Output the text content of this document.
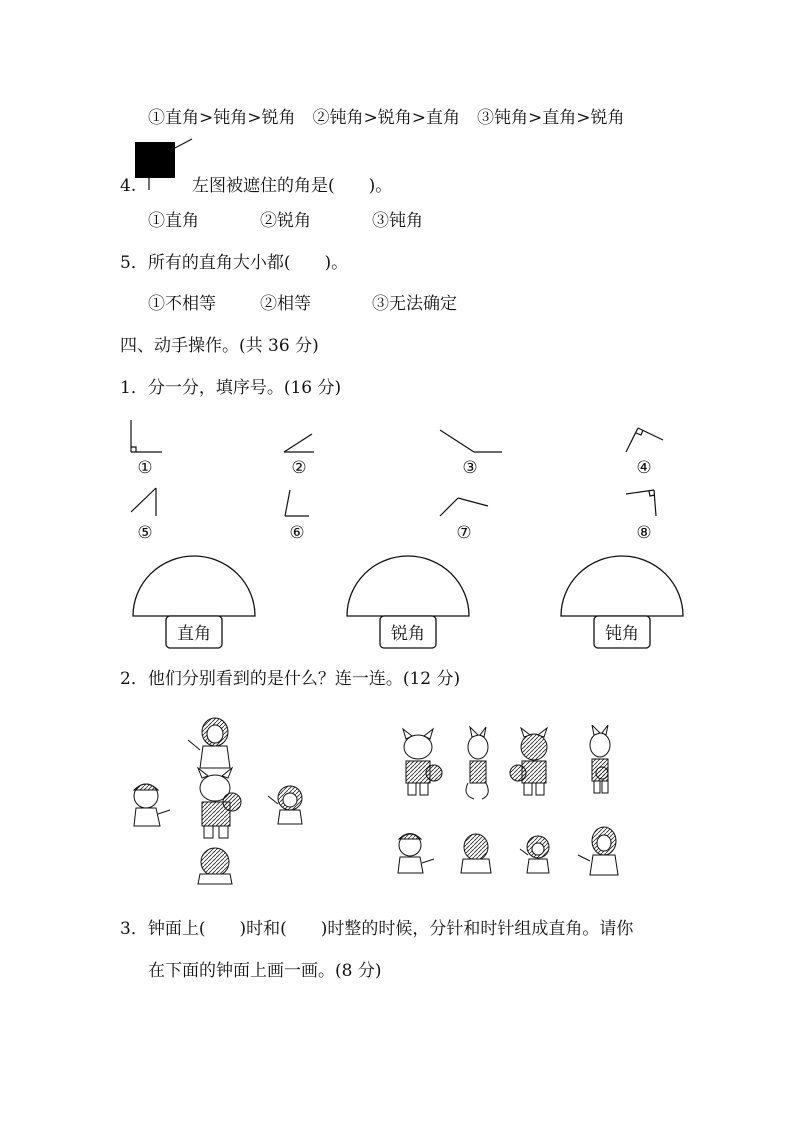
①直角>钝角>锐角　②钝角>锐角>直角　③钝角>直角>锐角
4.	左图被遮住的角是(　　)。
①直角	②锐角	③钝角
5．所有的直角大小都(　　)。
①不相等	②相等	③无法确定
四、动手操作。(共 36 分)
1．分一分，填序号。(16 分)
①	②	③	④
⑤	⑥	⑦	⑧
直角	锐角	钝角
2．他们分别看到的是什么？连一连。(12 分)
3．钟面上(　　)时和(　　)时整的时候，分针和时针组成直角。请你
在下面的钟面上画一画。(8 分)
